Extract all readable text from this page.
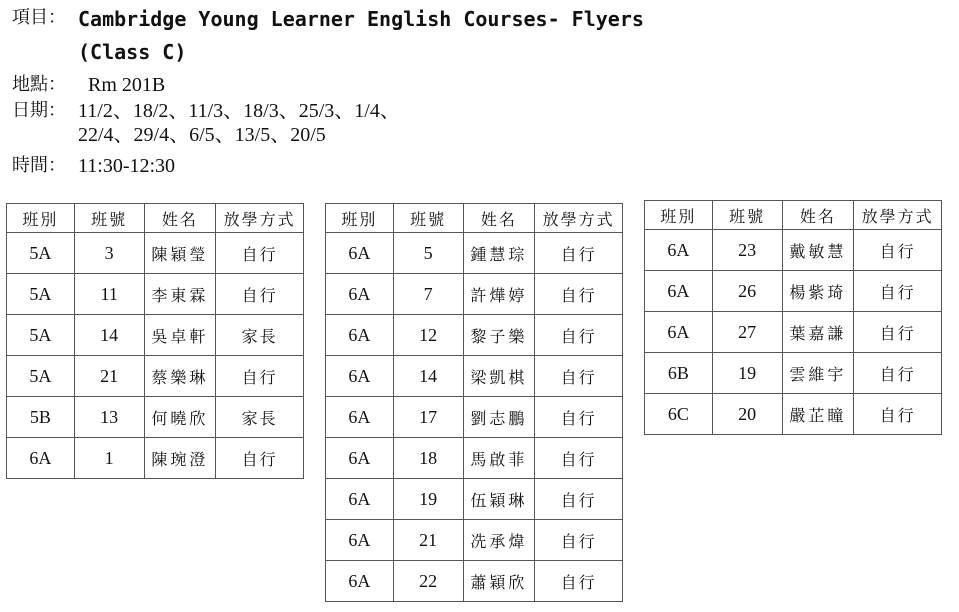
項目： Cambridge Young Learner English Courses- Flyers
(Class C)
地點： Rm 201B
日期： 11/2、18/2、11/3、18/3、25/3、1/4、
22/4、29/4、6/5、13/5、20/5
時間： 11:30-12:30
班別	班號	姓名	放學方式
5A	3	陳穎瑩	自行
5A	11	李東霖	自行
5A	14	吳卓軒	家長
5A	21	蔡樂琳	自行
5B	13	何曉欣	家長
6A	1	陳琬澄	自行
班別	班號	姓名	放學方式
6A	5	鍾慧琮	自行
6A	7	許燁婷	自行
6A	12	黎子樂	自行
6A	14	梁凱棋	自行
6A	17	劉志鵬	自行
6A	18	馬啟菲	自行
6A	19	伍穎琳	自行
6A	21	冼承煒	自行
6A	22	蕭穎欣	自行
班別	班號	姓名	放學方式
6A	23	戴敏慧	自行
6A	26	楊紫琦	自行
6A	27	葉嘉謙	自行
6B	19	雲維宇	自行
6C	20	嚴芷瞳	自行
